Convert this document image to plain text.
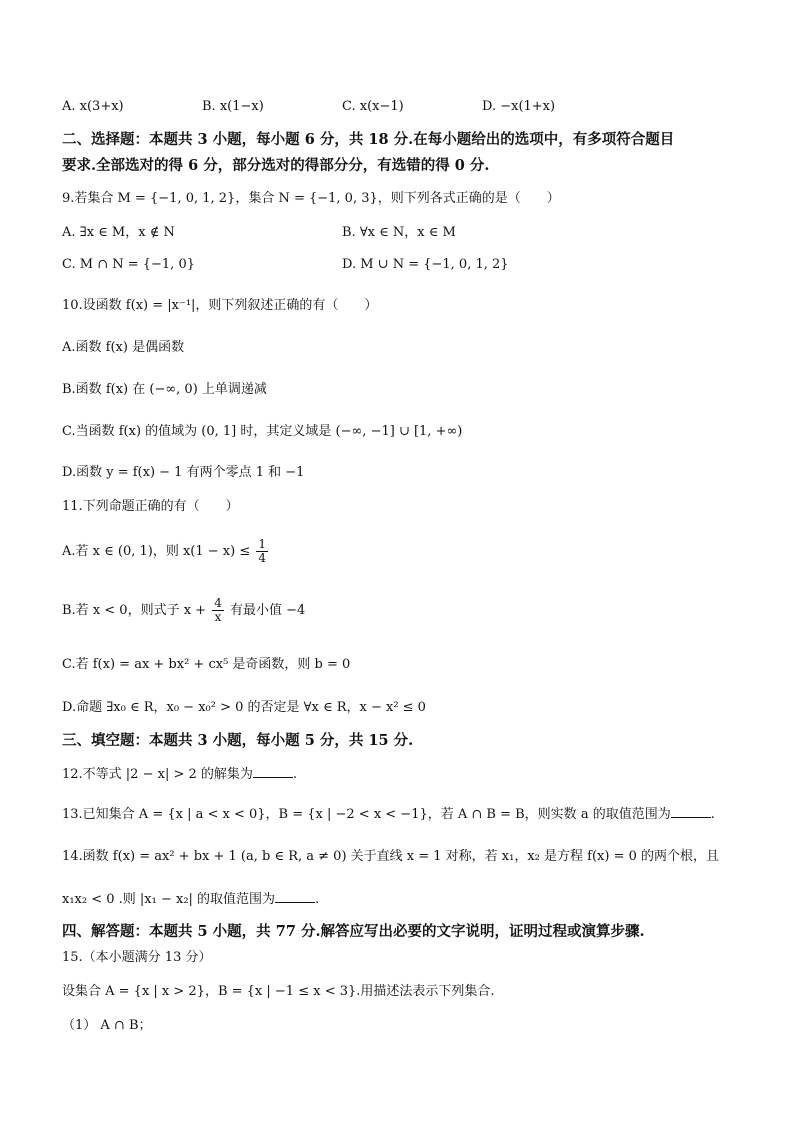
A. x(3+x)	B. x(1−x)	C. x(x−1)	D. −x(1+x)
二、选择题：本题共 3 小题，每小题 6 分，共 18 分.在每小题给出的选项中，有多项符合题目
要求.全部选对的得 6 分，部分选对的得部分分，有选错的得 0 分.
9.若集合 M = {−1, 0, 1, 2}，集合 N = {−1, 0, 3}，则下列各式正确的是（　　）
A. ∃x ∈ M，x ∉ N	B. ∀x ∈ N，x ∈ M
C. M ∩ N = {−1, 0}	D. M ∪ N = {−1, 0, 1, 2}
10.设函数 f(x) = |x⁻¹|，则下列叙述正确的有（　　）
A.函数 f(x) 是偶函数
B.函数 f(x) 在 (−∞, 0) 上单调递减
C.当函数 f(x) 的值域为 (0, 1] 时，其定义域是 (−∞, −1] ∪ [1, +∞)
D.函数 y = f(x) − 1 有两个零点 1 和 −1
11.下列命题正确的有（　　）
A.若 x ∈ (0, 1)，则 $x(1 - x) \le \frac{1}{4}$
B.若 x < 0，则式子 $x + \frac{4}{x}$ 有最小值 −4
C.若 f(x) = ax + bx² + cx⁵ 是奇函数，则 b = 0
D.命题 ∃x₀ ∈ R，x₀ − x₀² > 0 的否定是 ∀x ∈ R，x − x² ≤ 0
三、填空题：本题共 3 小题，每小题 5 分，共 15 分.
12.不等式 |2 − x| > 2 的解集为	.
13.已知集合 A = {x | a < x < 0}，B = {x | −2 < x < −1}，若 A ∩ B = B，则实数 a 的取值范围为	.
14.函数 f(x) = ax² + bx + 1 (a, b ∈ R, a ≠ 0) 关于直线 x = 1 对称，若 x₁，x₂ 是方程 f(x) = 0 的两个根，且
x₁x₂ < 0 .则 |x₁ − x₂| 的取值范围为	.
四、解答题：本题共 5 小题，共 77 分.解答应写出必要的文字说明，证明过程或演算步骤.
15.（本小题满分 13 分）
设集合 A = {x | x > 2}，B = {x | −1 ≤ x < 3}.用描述法表示下列集合.
（1） A ∩ B；
